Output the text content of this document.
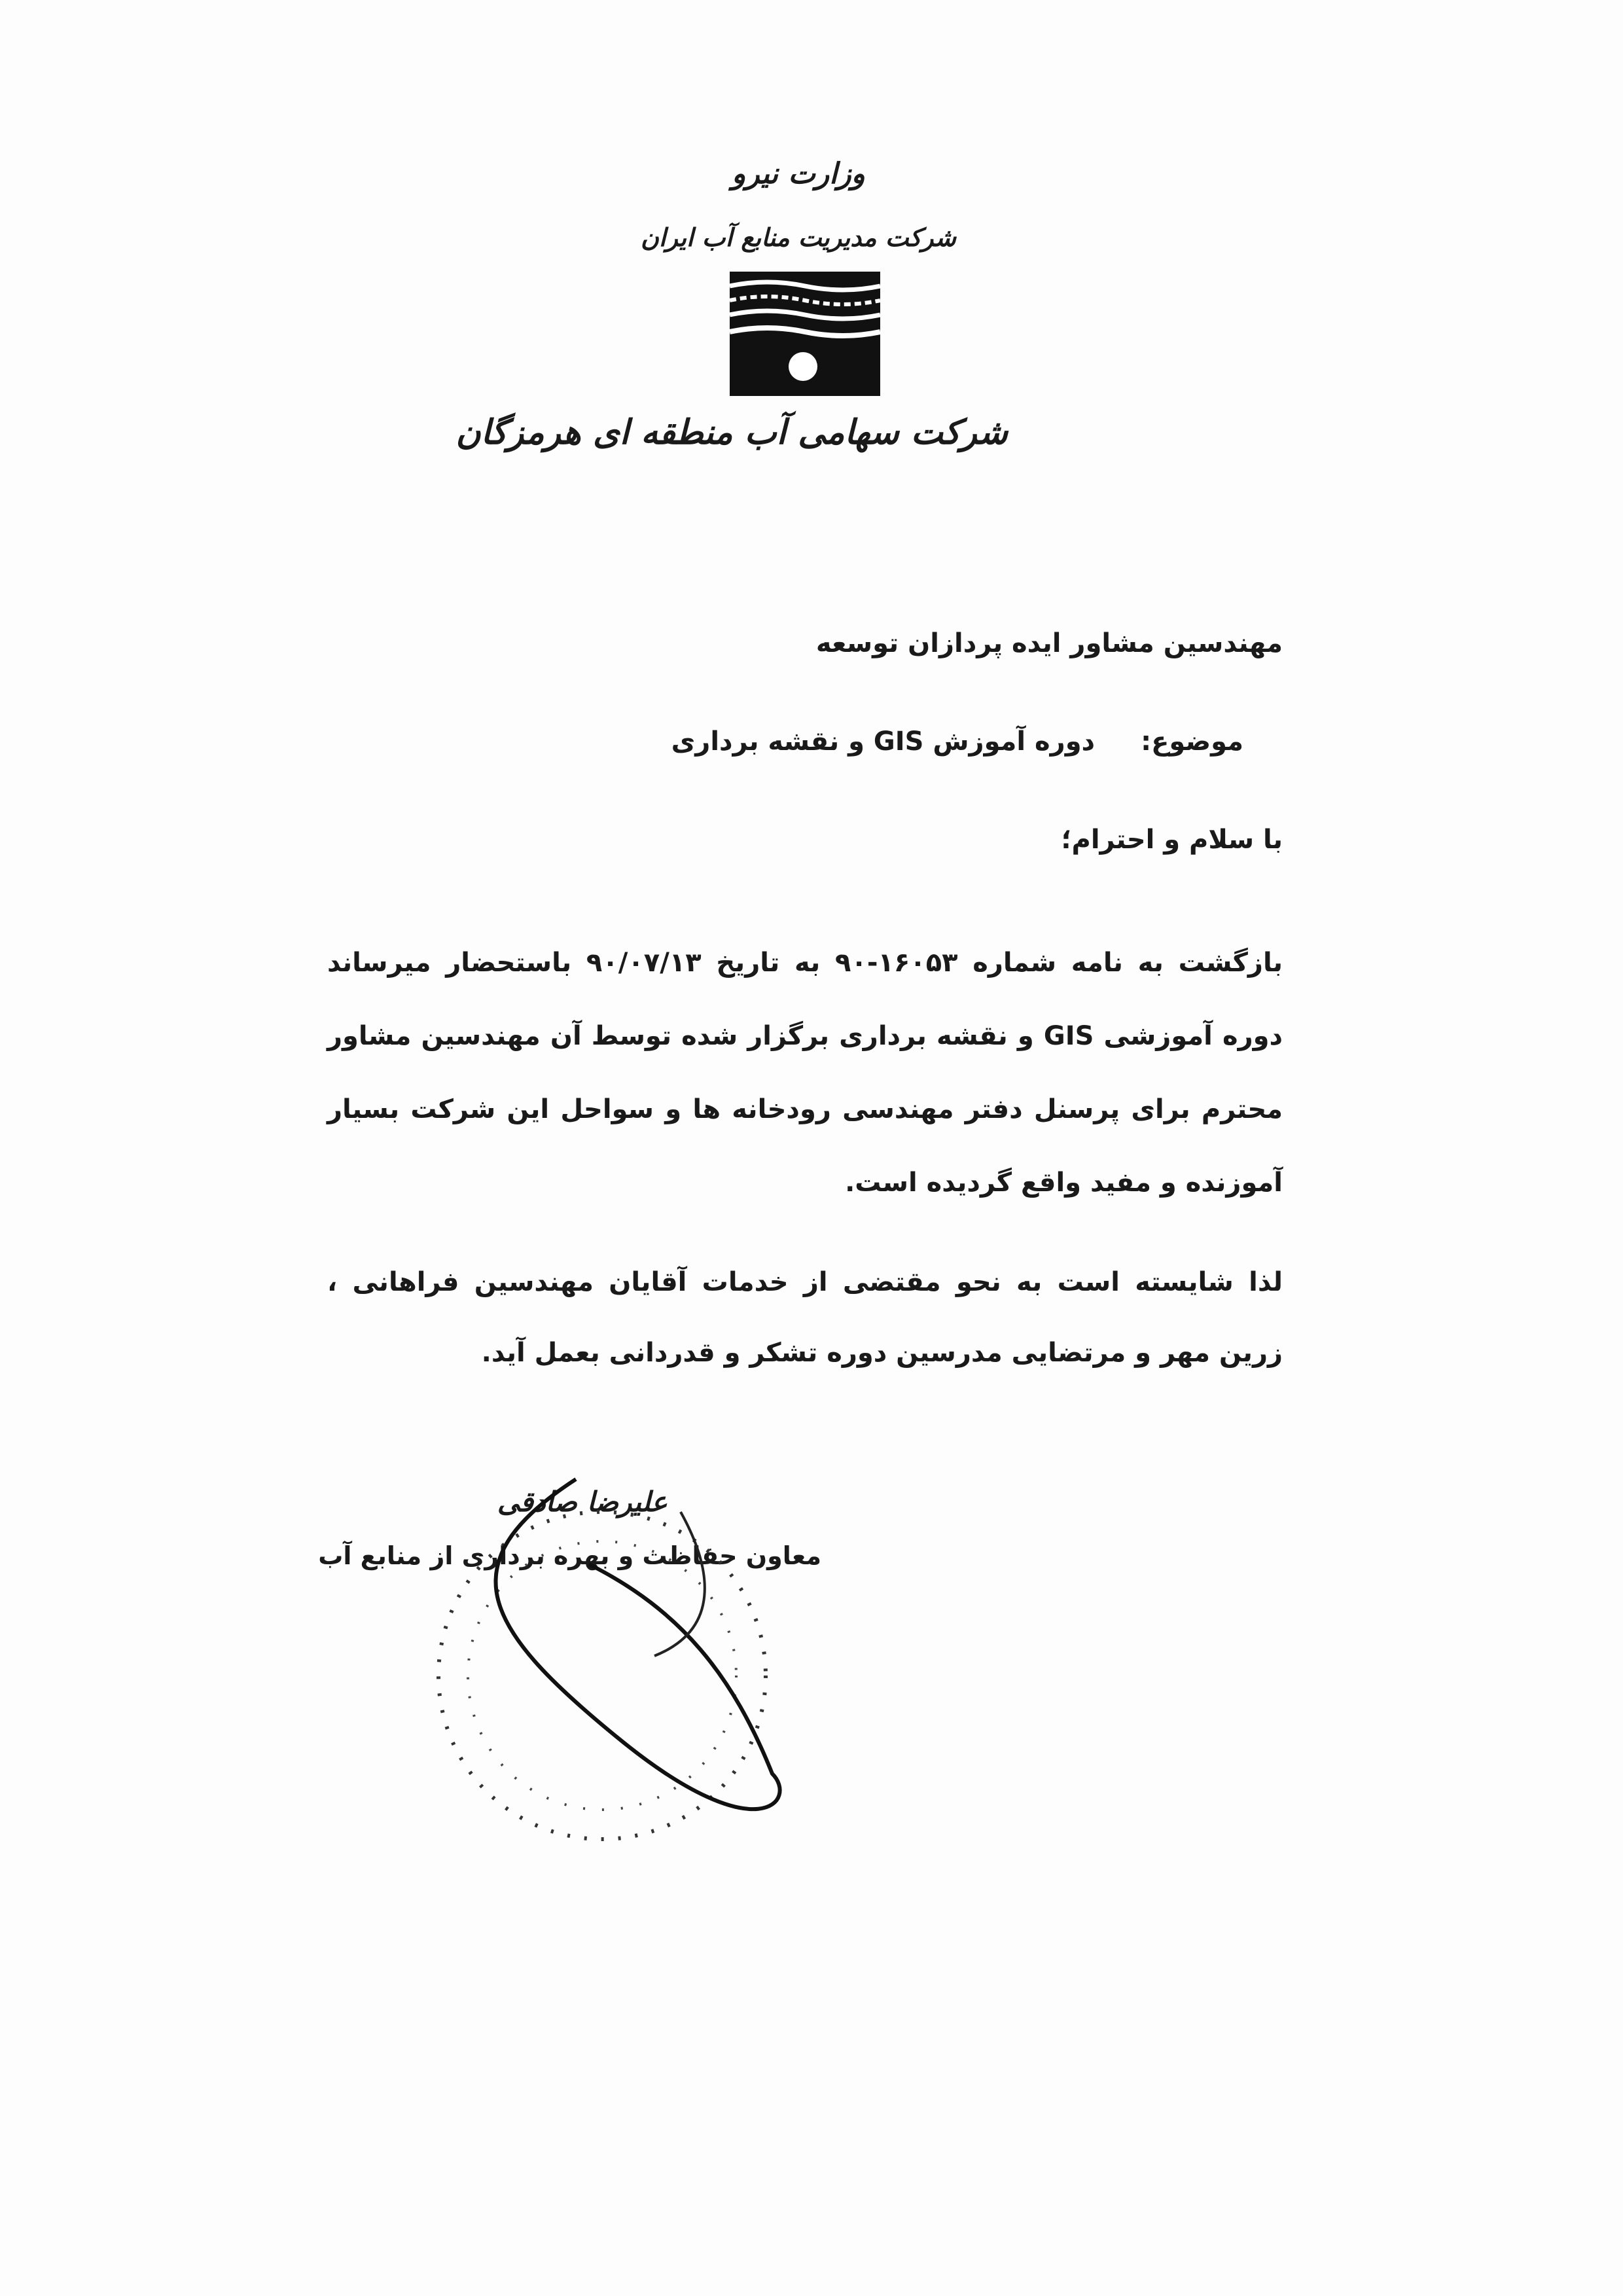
وزارت نیرو
شرکت مدیریت منابع آب ایران
شرکت سهامی آب منطقه ای هرمزگان
مهندسین مشاور ایده پردازان توسعه
موضوع:دوره آموزش GIS و نقشه برداری
با سلام و احترام؛
بازگشت به نامه شماره ۱۶۰۵۳-۹۰ به تاریخ ۹۰/۰۷/۱۳ باستحضار میرساند دوره آموزشی GIS و نقشه برداری برگزار شده توسط آن مهندسین مشاور محترم برای پرسنل دفتر مهندسی رودخانه ها و سواحل این شرکت بسیار آموزنده و مفید واقع گردیده است.
لذا شایسته است به نحو مقتضی از خدمات آقایان مهندسین فراهانی ، زرین مهر و مرتضایی مدرسین دوره تشکر و قدردانی بعمل آید.
علیرضا صادقی
معاون حفاظت و بهره برداری از منابع آب
